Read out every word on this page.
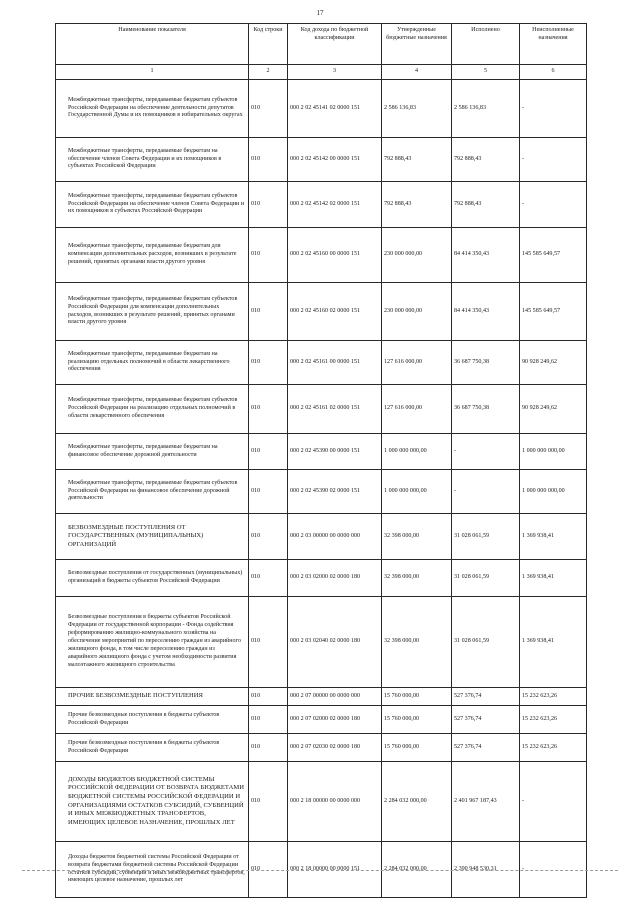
17
Наименование показателя	Код строки	Код дохода по бюджетной классификации	Утвержденные бюджетные назначения	Исполнено	Неисполненные назначения
1	2	3	4	5	6
Межбюджетные трансферты, передаваемые бюджетам субъектов Российской Федерации на обеспечение деятельности депутатов Государственной Думы и их помощников в избирательных округах	010	000 2 02 45141 02 0000 151	2 586 136,83	2 586 136,83	-
Межбюджетные трансферты, передаваемые бюджетам на обеспечение членов Совета Федерации и их помощников в субъектах Российской Федерации	010	000 2 02 45142 00 0000 151	792 888,43	792 888,43	-
Межбюджетные трансферты, передаваемые бюджетам субъектов Российской Федерации на обеспечение членов Совета Федерации и их помощников в субъектах Российской Федерации	010	000 2 02 45142 02 0000 151	792 888,43	792 888,43	-
Межбюджетные трансферты, передаваемые бюджетам для компенсации дополнительных расходов, возникших в результате решений, принятых органами власти другого уровня	010	000 2 02 45160 00 0000 151	230 000 000,00	84 414 350,43	145 585 649,57
Межбюджетные трансферты, передаваемые бюджетам субъектов Российской Федерации для компенсации дополнительных расходов, возникших в результате решений, принятых органами власти другого уровня	010	000 2 02 45160 02 0000 151	230 000 000,00	84 414 350,43	145 585 649,57
Межбюджетные трансферты, передаваемые бюджетам на реализацию отдельных полномочий в области лекарственного обеспечения	010	000 2 02 45161 00 0000 151	127 616 000,00	36 687 750,38	90 928 249,62
Межбюджетные трансферты, передаваемые бюджетам субъектов Российской Федерации на реализацию отдельных полномочий в области лекарственного обеспечения	010	000 2 02 45161 02 0000 151	127 616 000,00	36 687 750,38	90 928 249,62
Межбюджетные трансферты, передаваемые бюджетам на финансовое обеспечение дорожной деятельности	010	000 2 02 45390 00 0000 151	1 000 000 000,00	-	1 000 000 000,00
Межбюджетные трансферты, передаваемые бюджетам субъектов Российской Федерации на финансовое обеспечение дорожной деятельности	010	000 2 02 45390 02 0000 151	1 000 000 000,00	-	1 000 000 000,00
БЕЗВОЗМЕЗДНЫЕ ПОСТУПЛЕНИЯ ОТ ГОСУДАРСТВЕННЫХ (МУНИЦИПАЛЬНЫХ) ОРГАНИЗАЦИЙ	010	000 2 03 00000 00 0000 000	32 398 000,00	31 028 061,59	1 369 938,41
Безвозмездные поступления от государственных (муниципальных) организаций в бюджеты субъектов Российской Федерации	010	000 2 03 02000 02 0000 180	32 398 000,00	31 028 061,59	1 369 938,41
Безвозмездные поступления в бюджеты субъектов Российской Федерации от государственной корпорации - Фонда содействия реформированию жилищно-коммунального хозяйства на обеспечение мероприятий по переселению граждан из аварийного жилищного фонда, в том числе переселению граждан из аварийного жилищного фонда с учетом необходимости развития малоэтажного жилищного строительства	010	000 2 03 02040 02 0000 180	32 398 000,00	31 028 061,59	1 369 938,41
ПРОЧИЕ БЕЗВОЗМЕЗДНЫЕ ПОСТУПЛЕНИЯ	010	000 2 07 00000 00 0000 000	15 760 000,00	527 376,74	15 232 623,26
Прочие безвозмездные поступления в бюджеты субъектов Российской Федерации	010	000 2 07 02000 02 0000 180	15 760 000,00	527 376,74	15 232 623,26
Прочие безвозмездные поступления в бюджеты субъектов Российской Федерации	010	000 2 07 02030 02 0000 180	15 760 000,00	527 376,74	15 232 623,26
ДОХОДЫ БЮДЖЕТОВ БЮДЖЕТНОЙ СИСТЕМЫ РОССИЙСКОЙ ФЕДЕРАЦИИ ОТ ВОЗВРАТА БЮДЖЕТАМИ БЮДЖЕТНОЙ СИСТЕМЫ РОССИЙСКОЙ ФЕДЕРАЦИИ И ОРГАНИЗАЦИЯМИ ОСТАТКОВ СУБСИДИЙ, СУБВЕНЦИЙ И ИНЫХ МЕЖБЮДЖЕТНЫХ ТРАНСФЕРТОВ, ИМЕЮЩИХ ЦЕЛЕВОЕ НАЗНАЧЕНИЕ, ПРОШЛЫХ ЛЕТ	010	000 2 18 00000 00 0000 000	2 284 032 000,00	2 401 967 187,43	-
Доходы бюджетов бюджетной системы Российской Федерации от возврата бюджетами бюджетной системы Российской Федерации остатков субсидий, субвенций и иных межбюджетных трансфертов, имеющих целевое назначение, прошлых лет	010	000 2 18 00000 00 0000 151	2 284 032 000,00	2 390 948 530,31	-
